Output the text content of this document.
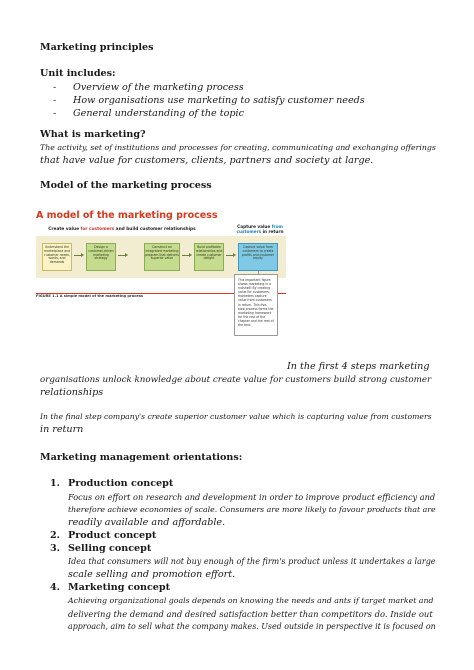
Marketing principles
Unit includes:
- Overview of the marketing process
- How organisations use marketing to satisfy customer needs
- General understanding of the topic
What is marketing?
The activity, set of institutions and processes for creating, communicating and exchanging offerings
that have value for customers, clients, partners and society at large.
Model of the marketing process
A model of the marketing process
Create value for customers and build customer relationships
Capture value from customers in return
Understand the marketplace and customer needs, wants, and demands
Design a customer-driven marketing strategy
Construct an integrated marketing program that delivers superior value
Build profitable relationships and create customer delight
Capture value from customers to create profits and customer equity
FIGURE 1.1 A simple model of the marketing process
This important figure shows marketing in a nutshell! By creating value for customers, marketers capture value from customers in return. This five-step process forms the marketing framework for the rest of the chapter and the rest of the text.
In the first 4 steps marketing
organisations unlock knowledge about create value for customers build strong customer
relationships
In the final step company's create superior customer value which is capturing value from customers
in return
Marketing management orientations:
1. Production concept
Focus on effort on research and development in order to improve product efficiency and
therefore achieve economies of scale. Consumers are more likely to favour products that are
readily available and affordable.
2. Product concept
3. Selling concept
Idea that consumers will not buy enough of the firm's product unless it undertakes a large
scale selling and promotion effort.
4. Marketing concept
Achieving organizational goals depends on knowing the needs and ants if target market and
delivering the demand and desired satisfaction better than competitors do. Inside out
approach, aim to sell what the company makes. Used outside in perspective it is focused on
